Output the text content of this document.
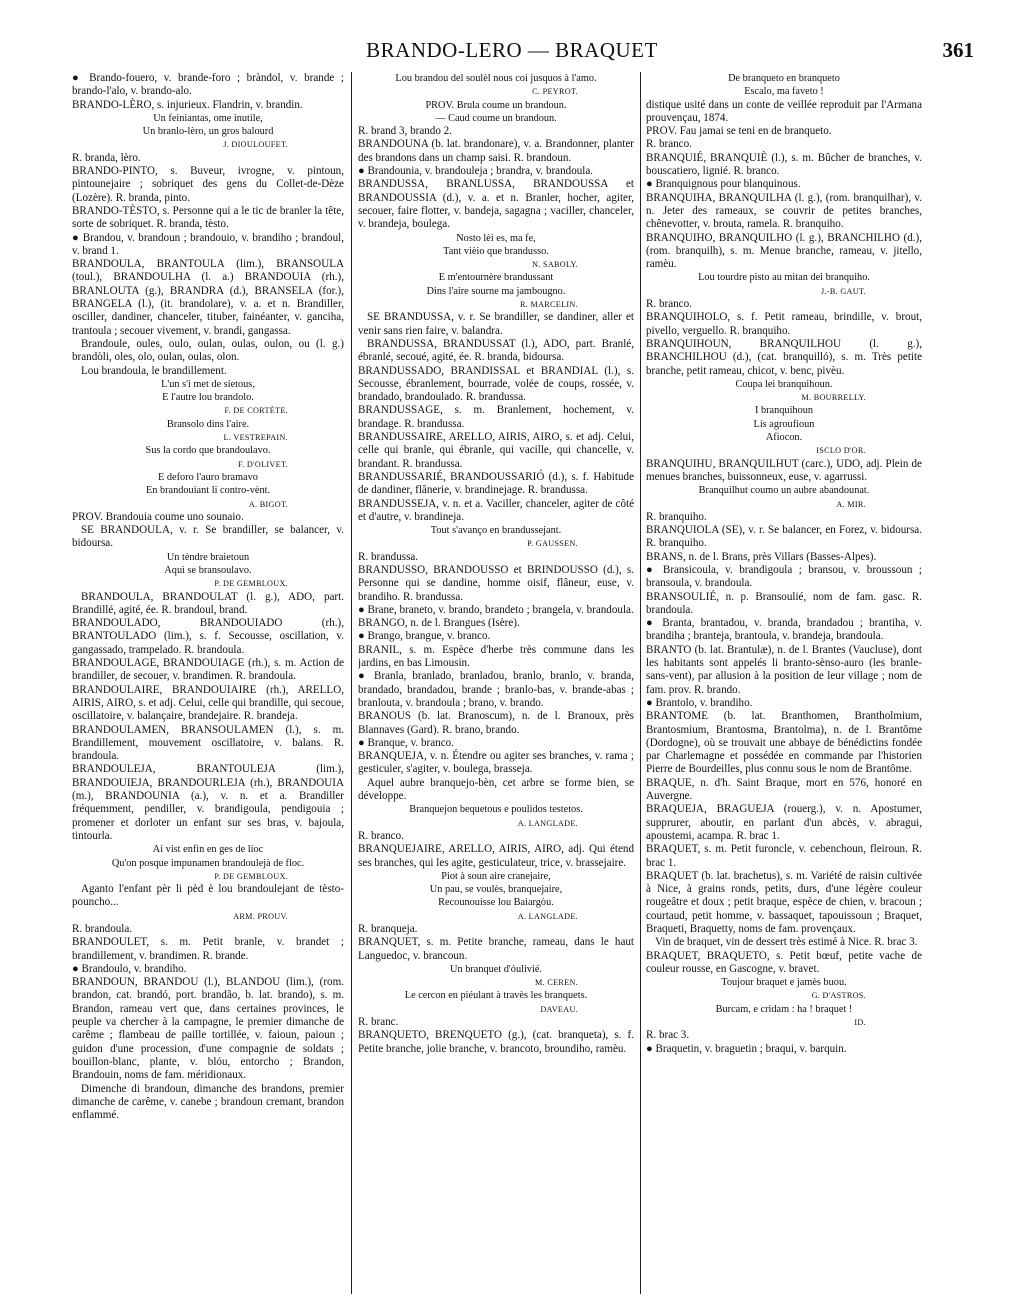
BRANDO-LERO — BRAQUET	361

● Brando-fouero, v. brande-foro ; bràndol, v. brande ; brando-l'alo, v. brando-alo.

BRANDO-LÈRO, s. injurieux. Flandrin, v. brandin.

Un feiniantas, ome inutile,

Un branlo-lèro, un gros balourd

J. DIOULOUFET.

R. branda, lèro.

BRANDO-PINTO, s. Buveur, ivrogne, v. pintoun, pintounejaire ; sobriquet des gens du Collet-de-Dèze (Lozère). R. branda, pinto.

BRANDO-TÈSTO, s. Personne qui a le tic de branler la tête, sorte de sobriquet. R. branda, tèsto.

● Brandou, v. brandoun ; brandouio, v. brandiho ; brandoul, v. brand 1.

BRANDOULA, BRANTOULA (lim.), BRANSOULA (toul.), BRANDOULHA (l. a.) BRANDOUIA (rh.), BRANLOUTA (g.), BRANDRA (d.), BRANSELA (for.), BRANGELA (l.), (it. brandolare), v. a. et n. Brandiller, osciller, dandiner, chanceler, tituber, fainéanter, v. ganciha, trantoula ; secouer vivement, v. brandi, gangassa.

Brandoule, oules, oulo, oulan, oulas, oulon, ou (l. g.) brandòli, oles, olo, oulan, oulas, olon.

Lou brandoula, le brandillement.

L'un s'i met de sietous,

E l'autre lou brandolo.

F. DE CORTÈTE.

Bransolo dins l'aire.

L. VESTREPAIN.

Sus la cordo que brandoulavo.

F. D'OLIVET.

E deforo l'auro bramavo

En brandouiant li contro-vènt.

A. BIGOT.

PROV. Brandouia coume uno sounaio.

SE BRANDOULA, v. r. Se brandiller, se balancer, v. bidoursa.

Un tèndre braietoun

Aquì se bransoulavo.

P. DE GEMBLOUX.

BRANDOULA, BRANDOULAT (l. g.), ADO, part. Brandillé, agité, ée. R. brandoul, brand.

BRANDOULADO, BRANDOUIADO (rh.), BRANTOULADO (lim.), s. f. Secousse, oscillation, v. gangassado, trampelado. R. brandoula.

BRANDOULAGE, BRANDOUIAGE (rh.), s. m. Action de brandiller, de secouer, v. brandimen. R. brandoula.

BRANDOULAIRE, BRANDOUIAIRE (rh.), ARELLO, AIRIS, AIRO, s. et adj. Celui, celle qui brandille, qui secoue, oscillatoire, v. balançaire, brandejaire. R. brandeja.

BRANDOULAMEN, BRANSOULAMEN (l.), s. m. Brandillement, mouvement oscillatoire, v. balans. R. brandoula.

BRANDOULEJA, BRANTOULEJA (lim.), BRANDOUIEJA, BRANDOURLEJA (rh.), BRANDOUIA (m.), BRANDOUNIA (a.), v. n. et a. Brandiller fréquemment, pendiller, v. brandigoula, pendigouia ; promener et dorloter un enfant sur ses bras, v. bajoula, tintourla.

Ai vist enfin en ges de lioc

Qu'on posque impunamen brandoulejà de floc.

P. DE GEMBLOUX.

Aganto l'enfant pèr li pèd è lou brandoulejant de tèsto-pouncho...

ARM. PROUV.

R. brandoula.

BRANDOULET, s. m. Petit branle, v. brandet ; brandillement, v. brandimen. R. brande.

● Brandoulo, v. brandiho.

BRANDOUN, BRANDOU (l.), BLANDOU (lim.), (rom. brandon, cat. brandó, port. brandão, b. lat. brando), s. m. Brandon, rameau vert que, dans certaines provinces, le peuple va chercher à la campagne, le premier dimanche de carême ; flambeau de paille tortillée, v. faioun, paioun ; guidon d'une procession, d'une compagnie de soldats ; bouillon-blanc, plante, v. blóu, entorcho ; Brandon, Brandouin, noms de fam. méridionaux.

Dimenche di brandoun, dimanche des brandons, premier dimanche de carême, v. canebe ; brandoun cremant, brandon enflammé.

Lou brandou del soulèl nous coi jusquos à l'amo.

C. PEYROT.

PROV. Brula coume un brandoun.

— Caud coume un brandoun.

R. brand 3, brando 2.

BRANDOUNA (b. lat. brandonare), v. a. Brandonner, planter des brandons dans un champ saisi. R. brandoun.

● Brandounia, v. brandouleja ; brandra, v. brandoula.

BRANDUSSA, BRANLUSSA, BRANDOUSSA et BRANDOUSSIA (d.), v. a. et n. Branler, hocher, agiter, secouer, faire flotter, v. bandeja, sagagna ; vaciller, chanceler, v. brandeja, boulega.

Nosto lèi es, ma fe,

Tant vièio que brandusso.

N. SABOLY.

E m'entournère brandussant

Dins l'aire sourne ma jambougno.

R. MARCELIN.

SE BRANDUSSA, v. r. Se brandiller, se dandiner, aller et venir sans rien faire, v. balandra.

BRANDUSSA, BRANDUSSAT (l.), ADO, part. Branlé, ébranlé, secoué, agité, ée. R. branda, bidoursa.

BRANDUSSADO, BRANDISSAL et BRANDIAL (l.), s. Secousse, ébranlement, bourrade, volée de coups, rossée, v. brandado, brandoulado. R. brandussa.

BRANDUSSAGE, s. m. Branlement, hochement, v. brandage. R. brandussa.

BRANDUSSAIRE, ARELLO, AIRIS, AIRO, s. et adj. Celui, celle qui branle, qui ébranle, qui vacille, qui chancelle, v. brandant. R. brandussa.

BRANDUSSARIÉ, BRANDOUSSARIÓ (d.), s. f. Habitude de dandiner, flânerie, v. brandinejage. R. brandussa.

BRANDUSSEJA, v. n. et a. Vaciller, chanceler, agiter de côté et d'autre, v. brandineja.

Tout s'avanço en brandussejant.

P. GAUSSEN.

R. brandussa.

BRANDUSSO, BRANDOUSSO et BRINDOUSSO (d.), s. Personne qui se dandine, homme oisif, flâneur, euse, v. brandiho. R. brandussa.

● Brane, braneto, v. brando, brandeto ; brangela, v. brandoula.

BRANGO, n. de l. Brangues (Isère).

● Brango, brangue, v. branco.

BRANIL, s. m. Espèce d'herbe très commune dans les jardins, en bas Limousin.

● Branla, branlado, branladou, branlo, branlo, v. branda, brandado, brandadou, brande ; branlo-bas, v. brande-abas ; branlouta, v. brandoula ; brano, v. brando.

BRANOUS (b. lat. Branoscum), n. de l. Branoux, près Blannaves (Gard). R. brano, brando.

● Branque, v. branco.

BRANQUEJA, v. n. Étendre ou agiter ses branches, v. rama ; gesticuler, s'agiter, v. boulega, brasseja.

Aquel aubre branquejo-bèn, cet arbre se forme bien, se développe.

Branquejon bequetous e poulidos testetos.

A. LANGLADE.

R. branco.

BRANQUEJAIRE, ARELLO, AIRIS, AIRO, adj. Qui étend ses branches, qui les agite, gesticulateur, trice, v. brassejaire.

Piot à soun aire cranejaire,

Un pau, se voulès, branquejaire,

Recounouisse lou Baiargòu.

A. LANGLADE.

R. branqueja.

BRANQUET, s. m. Petite branche, rameau, dans le haut Languedoc, v. brancoun.

Un branquet d'óulivié.

M. CEREN.

Le cercon en piéulant à travès les branquets.

DAVEAU.

R. branc.

BRANQUETO, BRENQUETO (g.), (cat. branqueta), s. f. Petite branche, jolie branche, v. brancoto, broundiho, ramèu.

De branqueto en branqueto

Escalo, ma faveto !

distique usité dans un conte de veillée reproduit par l'Armana prouvençau, 1874.

PROV. Fau jamai se teni en de branqueto.

R. branco.

BRANQUIÉ, BRANQUIÈ (l.), s. m. Bûcher de branches, v. bouscatiero, lignié. R. branco.

● Branquignous pour blanquinous.

BRANQUIHA, BRANQUILHA (l. g.), (rom. branquilhar), v. n. Jeter des rameaux, se couvrir de petites branches, chênevotter, v. brouta, ramela. R. branquiho.

BRANQUIHO, BRANQUILHO (l. g.), BRANCHILHO (d.), (rom. branquilh), s. m. Menue branche, rameau, v. jitello, ramèu.

Lou tourdre pisto au mitan dei branquiho.

J.-B. GAUT.

R. branco.

BRANQUIHOLO, s. f. Petit rameau, brindille, v. brout, pivello, verguello. R. branquiho.

BRANQUIHOUN, BRANQUILHOU (l. g.), BRANCHILHOU (d.), (cat. branquilló), s. m. Très petite branche, petit rameau, chicot, v. benc, pivèu.

Coupa lei branquihoun.

M. BOURRELLY.

I branquihoun

Lis agroufioun

Afiocon.

ISCLO D'OR.

BRANQUIHU, BRANQUILHUT (carc.), UDO, adj. Plein de menues branches, buissonneux, euse, v. agarrussi.

Branquilhut coumo un aubre abandounat.

A. MIR.

R. branquiho.

BRANQUIOLA (SE), v. r. Se balancer, en Forez, v. bidoursa. R. branquiho.

BRANS, n. de l. Brans, près Villars (Basses-Alpes).

● Bransicoula, v. brandigoula ; bransou, v. broussoun ; bransoula, v. brandoula.

BRANSOULIÉ, n. p. Bransoulié, nom de fam. gasc. R. brandoula.

● Branta, brantadou, v. branda, brandadou ; brantiha, v. brandiha ; branteja, brantoula, v. brandeja, brandoula.

BRANTO (b. lat. Brantulæ), n. de l. Brantes (Vaucluse), dont les habitants sont appelés li branto-sènso-auro (les branle-sans-vent), par allusion à la position de leur village ; nom de fam. prov. R. brando.

● Brantolo, v. brandiho.

BRANTOME (b. lat. Branthomen, Brantholmium, Brantosmium, Brantosma, Brantolma), n. de l. Brantôme (Dordogne), où se trouvait une abbaye de bénédictins fondée par Charlemagne et possédée en commande par l'historien Pierre de Bourdeilles, plus connu sous le nom de Brantôme.

BRAQUE, n. d'h. Saint Braque, mort en 576, honoré en Auvergne.

BRAQUEJA, BRAGUEJA (rouerg.), v. n. Apostumer, supprurer, aboutir, en parlant d'un abcès, v. abragui, apoustemi, acampa. R. brac 1.

BRAQUET, s. m. Petit furoncle, v. cebenchoun, fleiroun. R. brac 1.

BRAQUET (b. lat. brachetus), s. m. Variété de raisin cultivée à Nice, à grains ronds, petits, durs, d'une légère couleur rougeâtre et doux ; petit braque, espèce de chien, v. bracoun ; courtaud, petit homme, v. bassaquet, tapouissoun ; Braquet, Braqueti, Braquetty, noms de fam. provençaux.

Vin de braquet, vin de dessert très estimé à Nice. R. brac 3.

BRAQUET, BRAQUETO, s. Petit bœuf, petite vache de couleur rousse, en Gascogne, v. bravet.

Toujour braquet e jamès buou.

G. D'ASTROS.

Burcam, e cridam : ha ! braquet !

ID.

R. brac 3.

● Braquetin, v. braguetin ; braqui, v. barquin.
